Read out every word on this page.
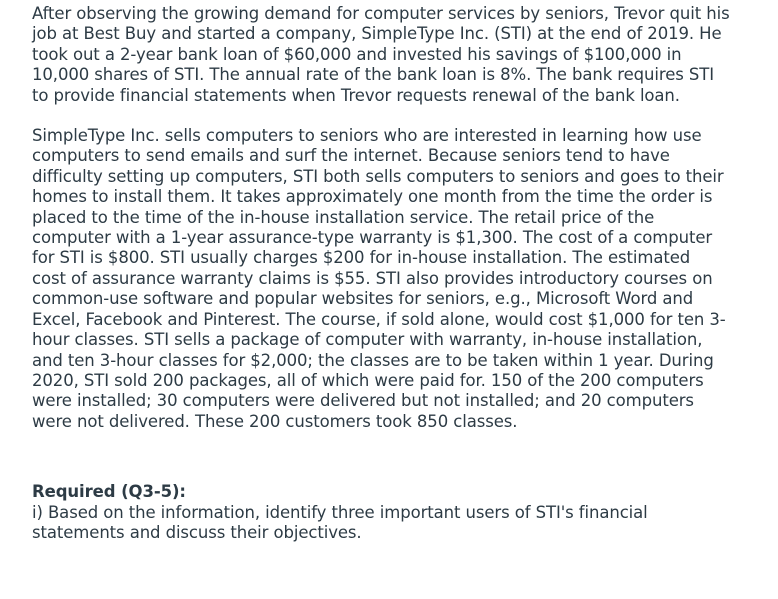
After observing the growing demand for computer services by seniors, Trevor quit his
job at Best Buy and started a company, SimpleType Inc. (STI) at the end of 2019. He
took out a 2-year bank loan of $60,000 and invested his savings of $100,000 in
10,000 shares of STI. The annual rate of the bank loan is 8%. The bank requires STI
to provide financial statements when Trevor requests renewal of the bank loan.
SimpleType Inc. sells computers to seniors who are interested in learning how use
computers to send emails and surf the internet. Because seniors tend to have
difficulty setting up computers, STI both sells computers to seniors and goes to their
homes to install them. It takes approximately one month from the time the order is
placed to the time of the in-house installation service. The retail price of the
computer with a 1-year assurance-type warranty is $1,300. The cost of a computer
for STI is $800. STI usually charges $200 for in-house installation. The estimated
cost of assurance warranty claims is $55. STI also provides introductory courses on
common-use software and popular websites for seniors, e.g., Microsoft Word and
Excel, Facebook and Pinterest. The course, if sold alone, would cost $1,000 for ten 3-
hour classes. STI sells a package of computer with warranty, in-house installation,
and ten 3-hour classes for $2,000; the classes are to be taken within 1 year. During
2020, STI sold 200 packages, all of which were paid for. 150 of the 200 computers
were installed; 30 computers were delivered but not installed; and 20 computers
were not delivered. These 200 customers took 850 classes.
Required (Q3-5):
i) Based on the information, identify three important users of STI's financial
statements and discuss their objectives.
